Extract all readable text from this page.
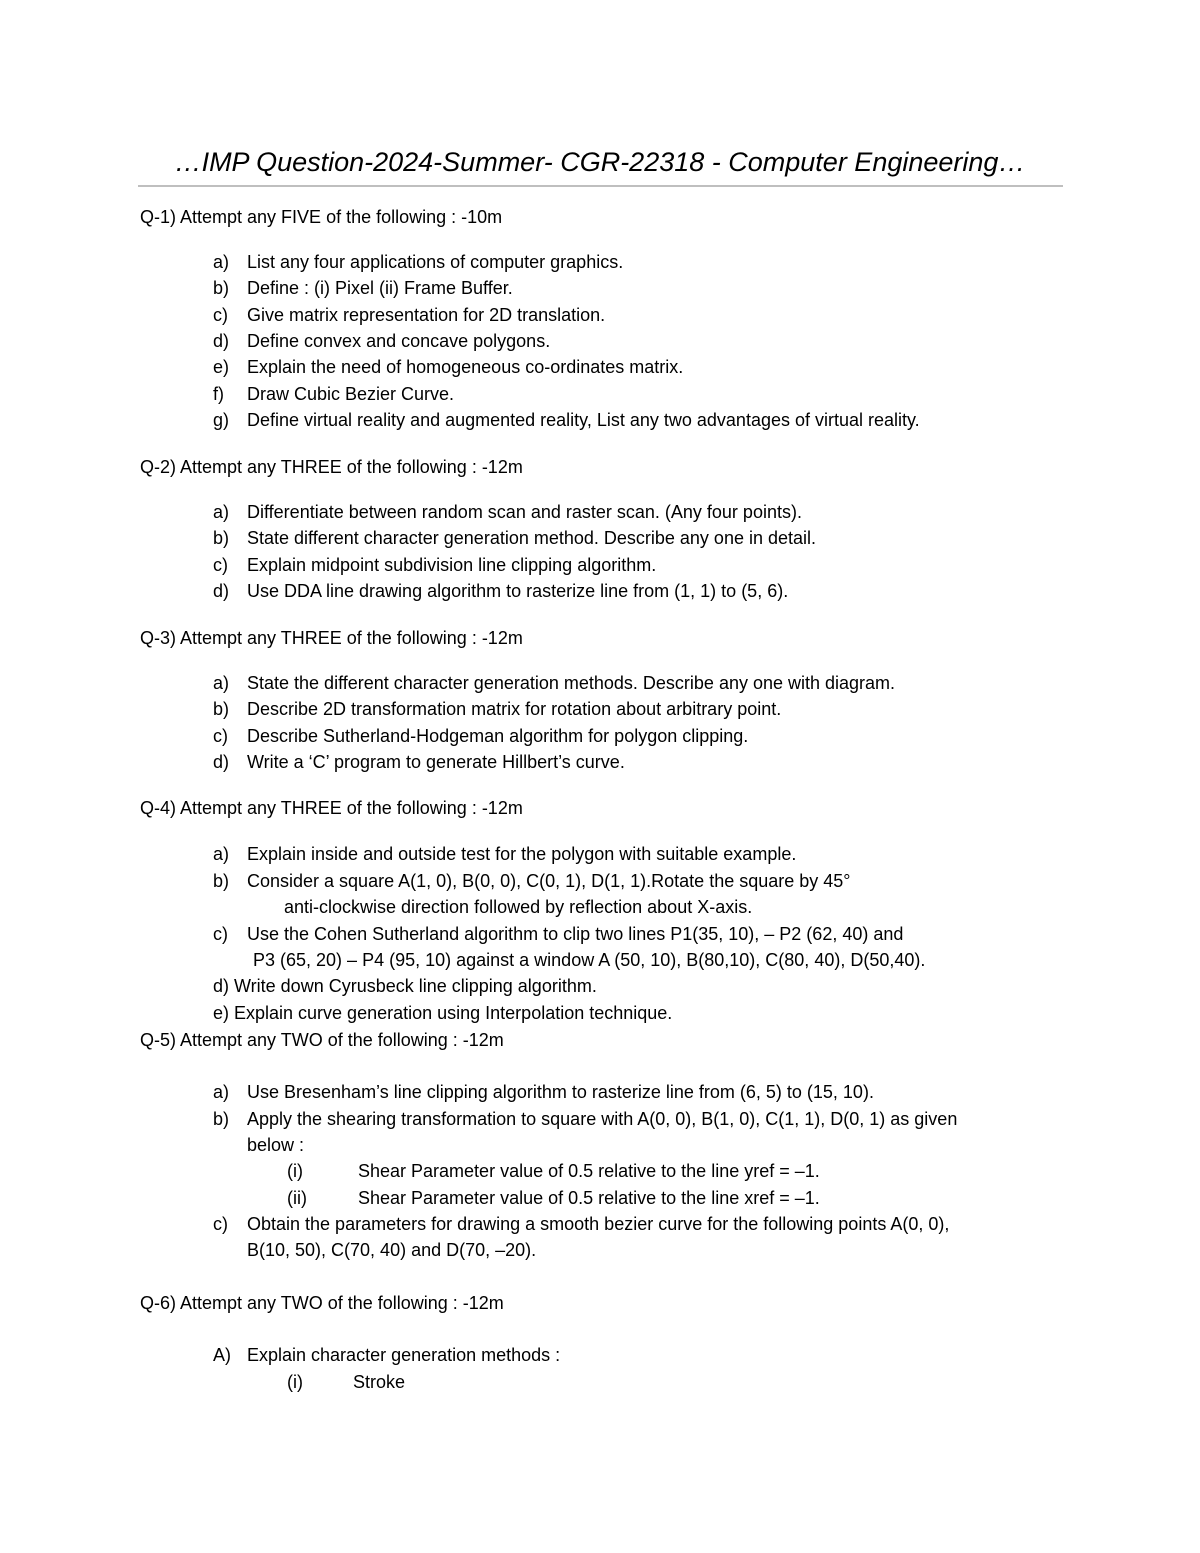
…IMP Question-2024-Summer- CGR-22318 - Computer Engineering…
Q-1) Attempt any FIVE of the following : -10m
a) List any four applications of computer graphics.
b) Define : (i) Pixel (ii) Frame Buffer.
c) Give matrix representation for 2D translation.
d) Define convex and concave polygons.
e) Explain the need of homogeneous co-ordinates matrix.
f) Draw Cubic Bezier Curve.
g) Define virtual reality and augmented reality, List any two advantages of virtual reality.
Q-2) Attempt any THREE of the following : -12m
a) Differentiate between random scan and raster scan. (Any four points).
b) State different character generation method. Describe any one in detail.
c) Explain midpoint subdivision line clipping algorithm.
d) Use DDA line drawing algorithm to rasterize line from (1, 1) to (5, 6).
Q-3) Attempt any THREE of the following : -12m
a) State the different character generation methods. Describe any one with diagram.
b) Describe 2D transformation matrix for rotation about arbitrary point.
c) Describe Sutherland-Hodgeman algorithm for polygon clipping.
d) Write a ‘C’ program to generate Hillbert’s curve.
Q-4) Attempt any THREE of the following : -12m
a) Explain inside and outside test for the polygon with suitable example.
b) Consider a square A(1, 0), B(0, 0), C(0, 1), D(1, 1).Rotate the square by 45°
anti-clockwise direction followed by reflection about X-axis.
c) Use the Cohen Sutherland algorithm to clip two lines P1(35, 10), – P2 (62, 40) and
P3 (65, 20) – P4 (95, 10) against a window A (50, 10), B(80,10), C(80, 40), D(50,40).
d) Write down Cyrusbeck line clipping algorithm.
e) Explain curve generation using Interpolation technique.
Q-5) Attempt any TWO of the following : -12m
a) Use Bresenham’s line clipping algorithm to rasterize line from (6, 5) to (15, 10).
b) Apply the shearing transformation to square with A(0, 0), B(1, 0), C(1, 1), D(0, 1) as given
below :
(i)	Shear Parameter value of 0.5 relative to the line yref = –1.
(ii)	Shear Parameter value of 0.5 relative to the line xref = –1.
c) Obtain the parameters for drawing a smooth bezier curve for the following points A(0, 0),
B(10, 50), C(70, 40) and D(70, –20).
Q-6) Attempt any TWO of the following : -12m
A) Explain character generation methods :
(i)	Stroke
